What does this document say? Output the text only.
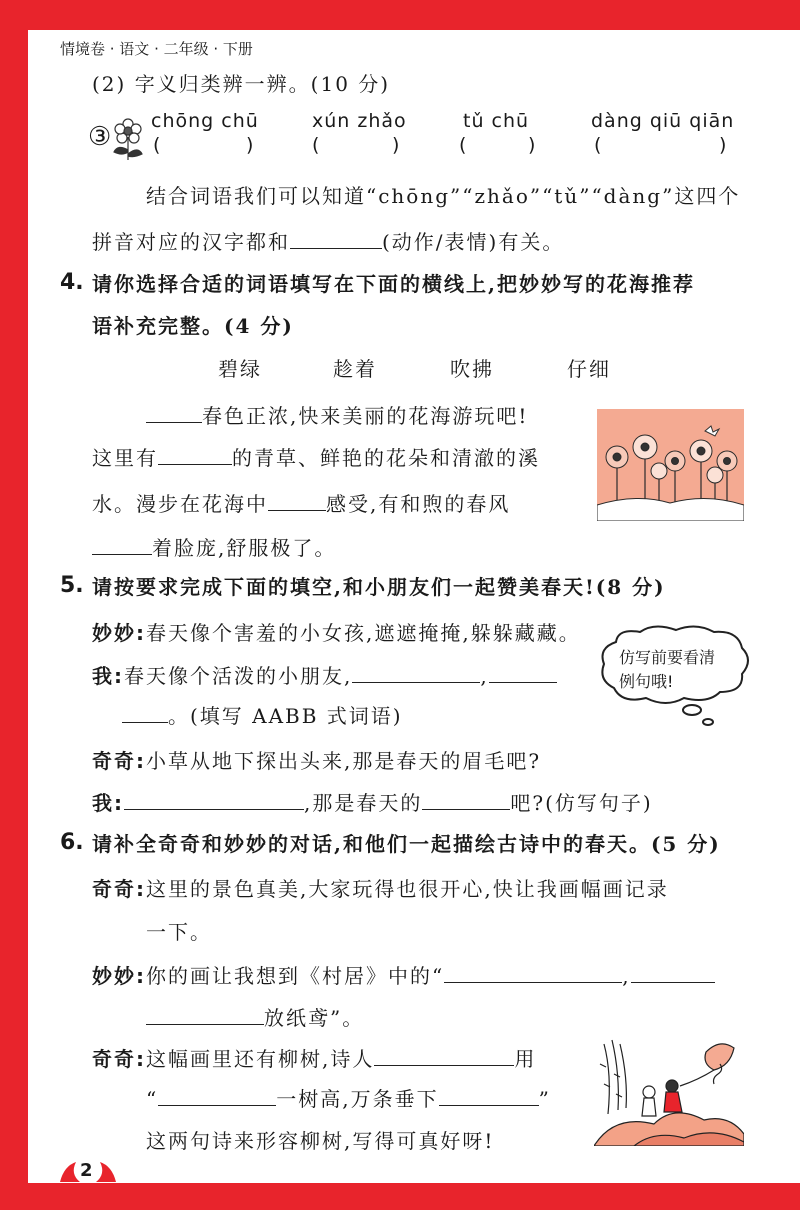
情境卷 · 语文 · 二年级 · 下册
(2) 字义归类辨一辨。(10 分)
③
chōng chū	xún zhǎo	tǔ chū	dàng qiū qiān
(	)	(	)	(	)	(	)
结合词语我们可以知道“chōng”“zhǎo”“tǔ”“dàng”这四个
拼音对应的汉字都和	(动作/表情)有关。
4. 请你选择合适的词语填写在下面的横线上,把妙妙写的花海推荐
语补充完整。(4 分)
碧绿	趁着	吹拂	仔细
春色正浓,快来美丽的花海游玩吧!
这里有	的青草、鲜艳的花朵和清澈的溪
水。漫步在花海中	感受,有和煦的春风
着脸庞,舒服极了。
5. 请按要求完成下面的填空,和小朋友们一起赞美春天!(8 分)
妙妙:春天像个害羞的小女孩,遮遮掩掩,躲躲藏藏。
我:春天像个活泼的小朋友,	,
。(填写 AABB 式词语)
仿写前要看清
例句哦!
奇奇:小草从地下探出头来,那是春天的眉毛吧?
我:	,那是春天的	吧?(仿写句子)
6. 请补全奇奇和妙妙的对话,和他们一起描绘古诗中的春天。(5 分)
奇奇:这里的景色真美,大家玩得也很开心,快让我画幅画记录
一下。
妙妙:你的画让我想到《村居》中的“	,
放纸鸢”。
奇奇:这幅画里还有柳树,诗人	用
“	一树高,万条垂下	”
这两句诗来形容柳树,写得可真好呀!
2
